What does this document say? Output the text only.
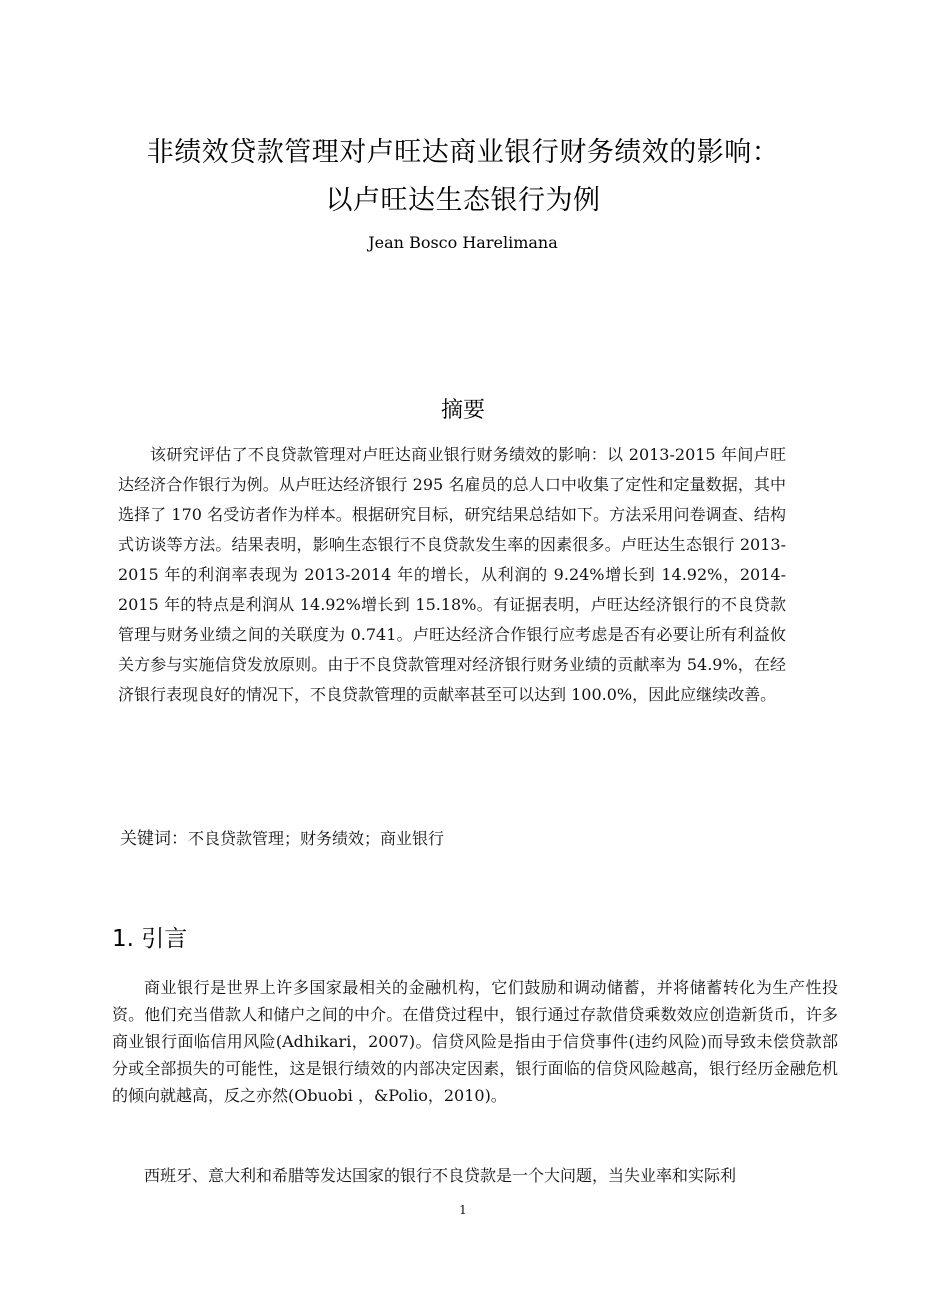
非绩效贷款管理对卢旺达商业银行财务绩效的影响：
以卢旺达生态银行为例
Jean Bosco Harelimana
摘要

该研究评估了不良贷款管理对卢旺达商业银行财务绩效的影响：以 2013-2015 年间卢旺达经济合作银行为例。从卢旺达经济银行 295 名雇员的总人口中收集了定性和定量数据，其中选择了 170 名受访者作为样本。根据研究目标，研究结果总结如下。方法采用问卷调查、结构式访谈等方法。结果表明，影响生态银行不良贷款发生率的因素很多。卢旺达生态银行 2013-2015 年的利润率表现为 2013-2014 年的增长，从利润的 9.24%增长到 14.92%，2014-2015 年的特点是利润从 14.92%增长到 15.18%。有证据表明，卢旺达经济银行的不良贷款管理与财务业绩之间的关联度为 0.741。卢旺达经济合作银行应考虑是否有必要让所有利益攸关方参与实施信贷发放原则。由于不良贷款管理对经济银行财务业绩的贡献率为 54.9%，在经济银行表现良好的情况下，不良贷款管理的贡献率甚至可以达到 100.0%，因此应继续改善。

关键词：不良贷款管理；财务绩效；商业银行
1. 引言

商业银行是世界上许多国家最相关的金融机构，它们鼓励和调动储蓄，并将储蓄转化为生产性投资。他们充当借款人和储户之间的中介。在借贷过程中，银行通过存款借贷乘数效应创造新货币，许多商业银行面临信用风险(Adhikari，2007)。信贷风险是指由于信贷事件(违约风险)而导致未偿贷款部分或全部损失的可能性，这是银行绩效的内部决定因素，银行面临的信贷风险越高，银行经历金融危机的倾向就越高，反之亦然(Obuobi ，&Polio，2010)。

西班牙、意大利和希腊等发达国家的银行不良贷款是一个大问题，当失业率和实际利

1
